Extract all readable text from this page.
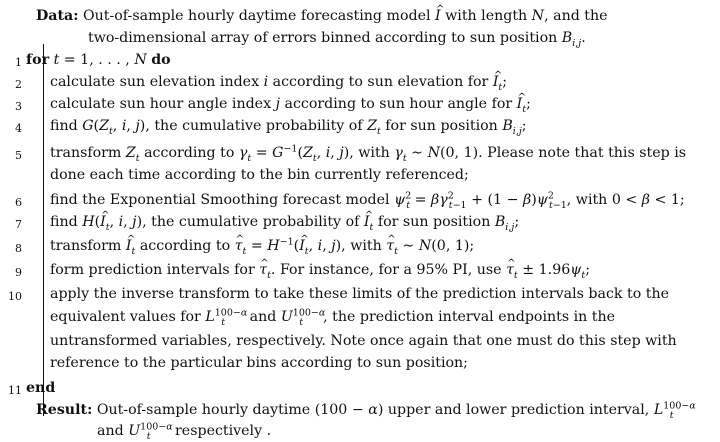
Data: Out-of-sample hourly daytime forecasting model I ^ with length N, and the
two-dimensional array of errors binned according to sun position $B_{i,j}$.
1 for t = 1, . . . , N do
2 calculate sun elevation index i according to sun elevation for I $\^{}_t$;
3 calculate sun hour angle index j according to sun hour angle for I $\^{}_t$;
4 find $G(Z_t$, i, j), the cumulative probability of $Z_t$ for sun position $B_{i,j}$;
5 transform $Z_t$ according to $\gamma_t = G^{-1}(Z_t$, i, j), with $\gamma_t$ ∼ N(0, 1). Please note that this step is
done each time according to the bin currently referenced;
6 find the Exponential Smoothing forecast model $\psi^2_t = \beta\gamma^2_{t-1} + (1 - \beta)\psi^2_{t-1}$, with 0 < β < 1;
7 find H(I $\^{}_t$, i, j), the cumulative probability of I $\^{}_t$ for sun position $B_{i,j}$;
8 transform I $\^{}_t$ according to τ $\^{}_t = H^{-1}(I$ $\^{}_t$, i, j), with τ $\^{}_t$ ∼ N(0, 1);
9 form prediction intervals for τ $\^{}_t$. For instance, for a 95% PI, use τ $\^{}_t \pm 1.96\psi_t$;
10 apply the inverse transform to take these limits of the prediction intervals back to the
equivalent values for $L^{100-\alpha}_t$ and $U^{100-\alpha}_t$ , the prediction interval endpoints in the
untransformed variables, respectively. Note once again that one must do this step with
reference to the particular bins according to sun position;
11 end
Result: Out-of-sample hourly daytime (100 − α) upper and lower prediction interval, $L^{100-\alpha}_t$
and $U^{100-\alpha}_t$ respectively .
